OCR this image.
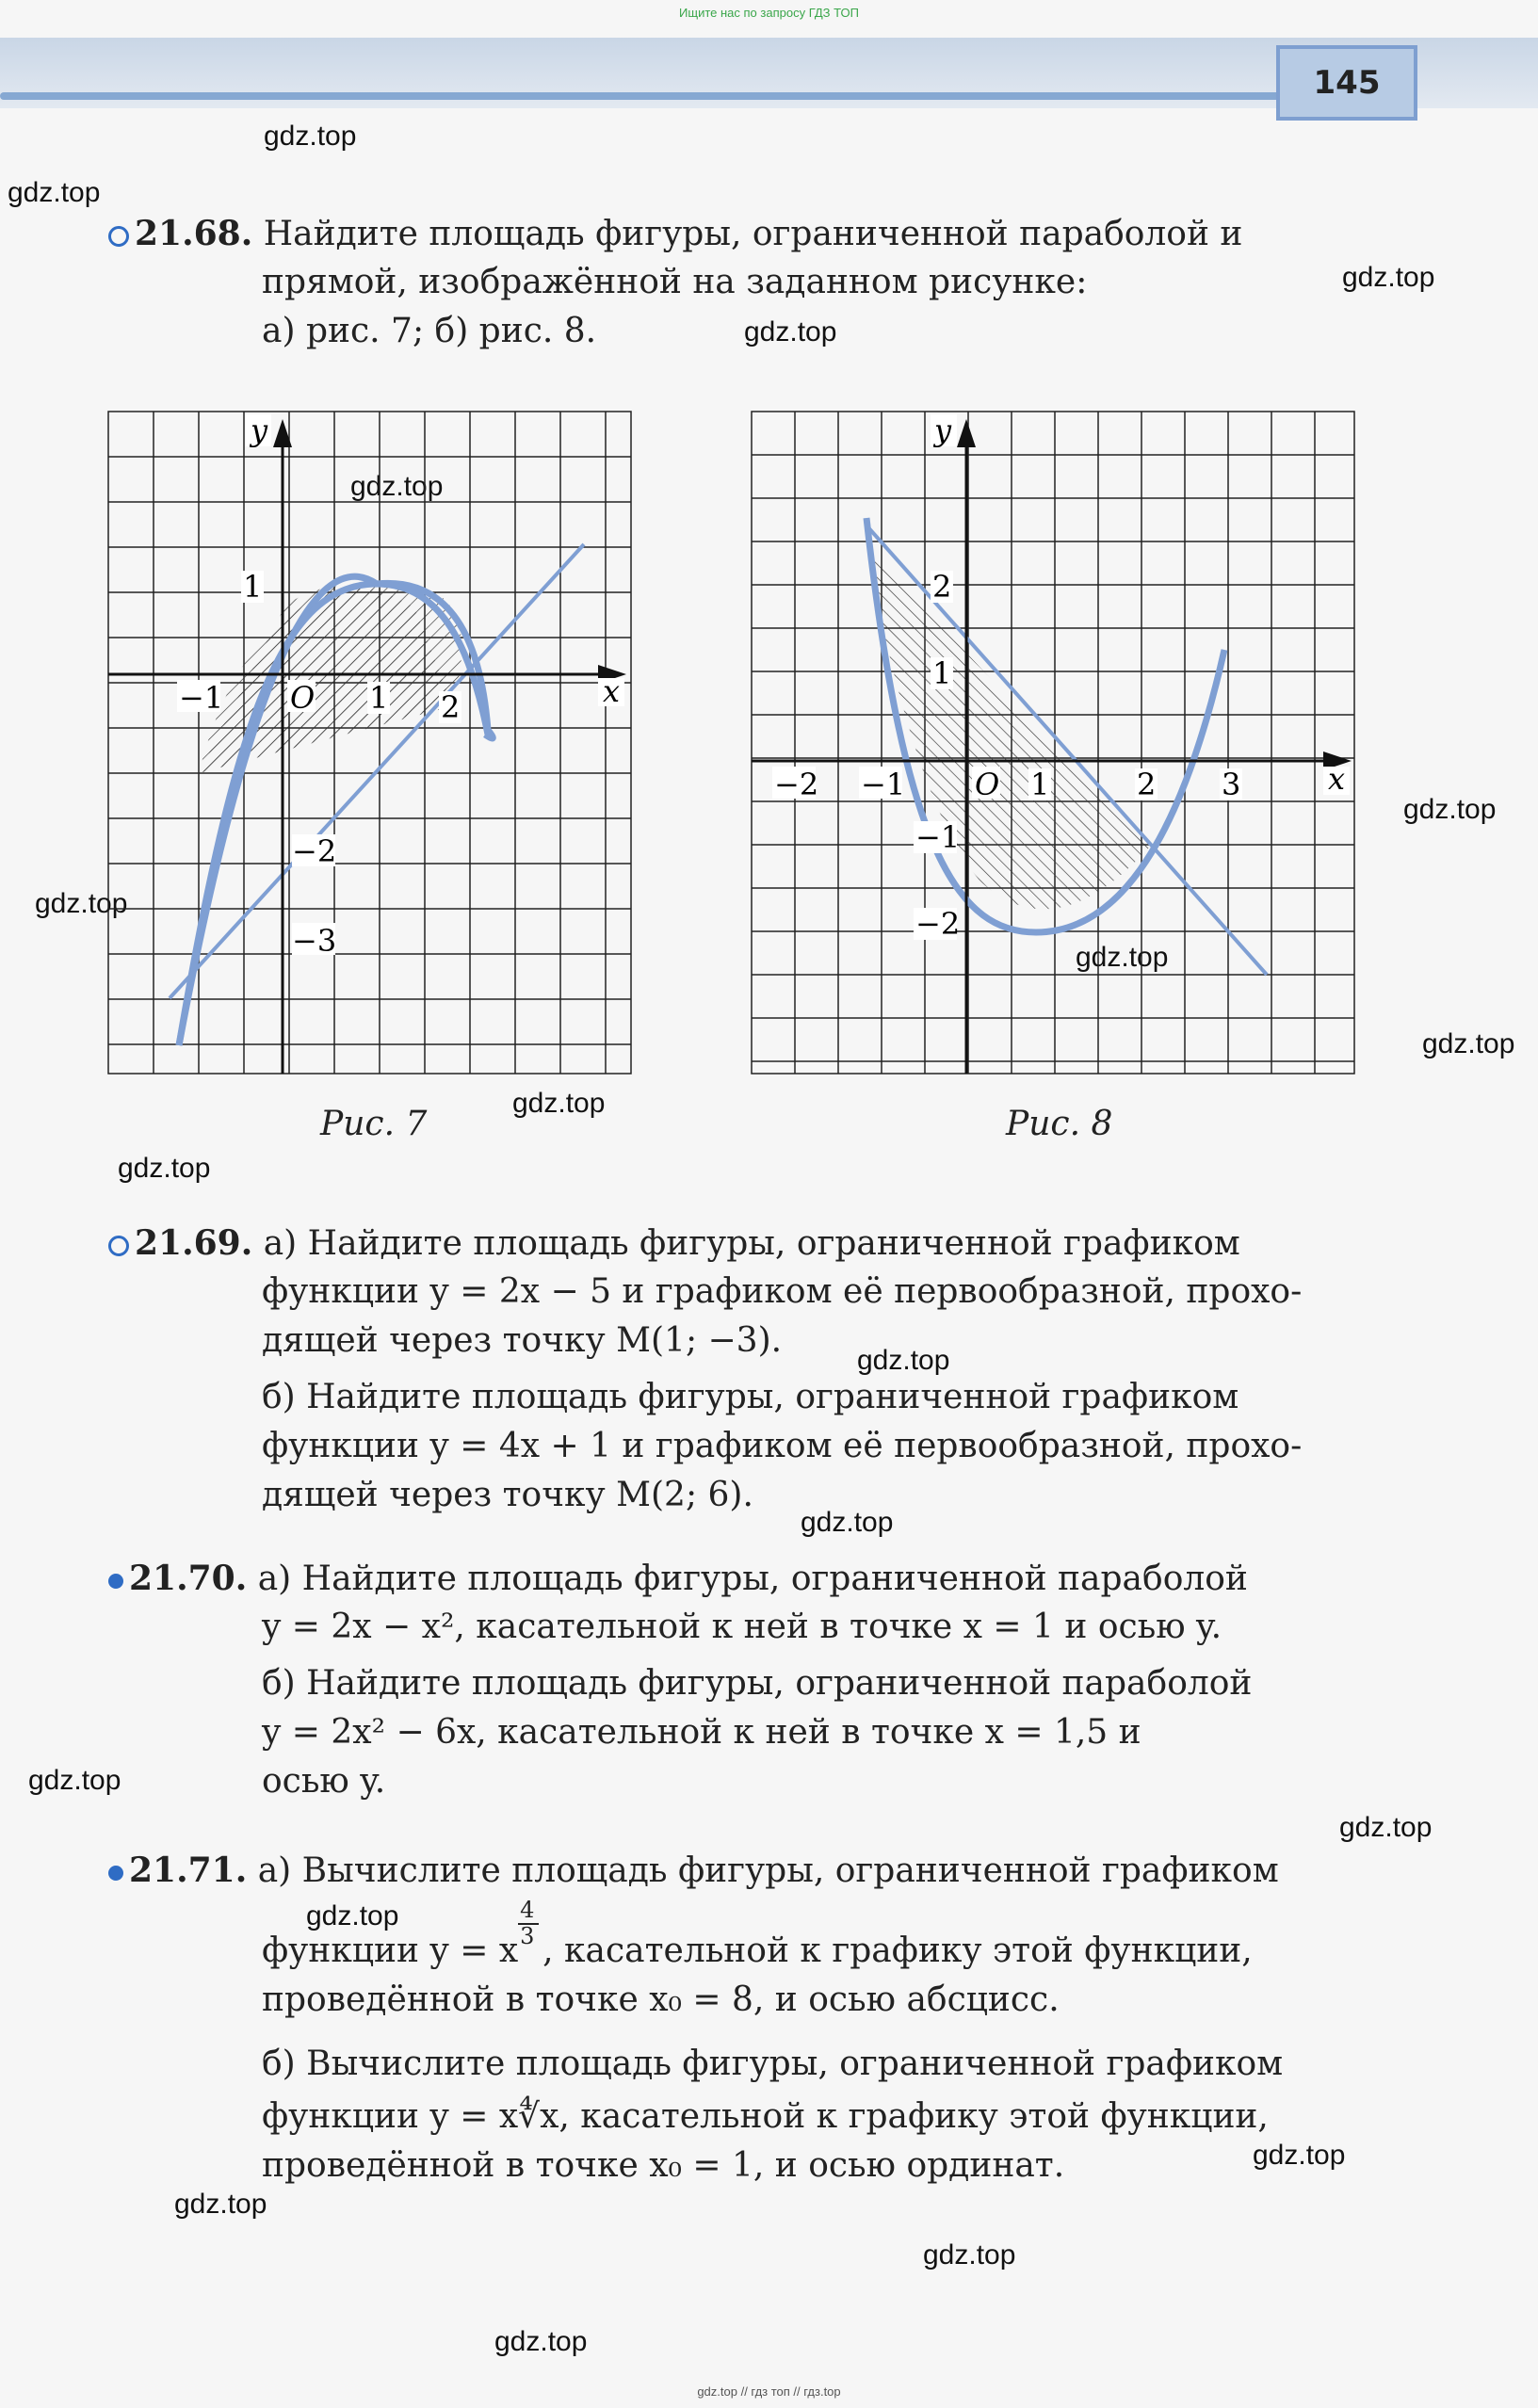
Ищите нас по запросу ГДЗ ТОП
145
gdz.top
gdz.top
gdz.top
gdz.top
gdz.top
gdz.top
gdz.top
gdz.top
gdz.top
gdz.top
gdz.top
gdz.top
gdz.top
gdz.top
gdz.top
gdz.top
gdz.top
gdz.top
gdz.top
gdz.top
21.68. Найдите площадь фигуры, ограниченной параболой и
прямой, изображённой на заданном рисунке:
а) рис. 7; б) рис. 8.
y
x
O
−1	1 2
1
−2
−3
Рис. 7
y
x
O
−2 −1	1	2 3
2
1
−1
−2
Рис. 8
21.69. а) Найдите площадь фигуры, ограниченной графиком
функции y = 2x − 5 и графиком её первообразной, прохо-
дящей через точку M(1; −3).
б) Найдите площадь фигуры, ограниченной графиком
функции y = 4x + 1 и графиком её первообразной, прохо-
дящей через точку M(2; 6).
21.70. а) Найдите площадь фигуры, ограниченной параболой
y = 2x − x², касательной к ней в точке x = 1 и осью y.
б) Найдите площадь фигуры, ограниченной параболой
y = 2x² − 6x, касательной к ней в точке x = 1,5 и
осью y.
21.71. а) Вычислите площадь фигуры, ограниченной графиком
функции y = x $\frac{4}{3}$ , касательной к графику этой функции,
проведённой в точке x₀ = 8, и осью абсцисс.
б) Вычислите площадь фигуры, ограниченной графиком
функции y = x∜x, касательной к графику этой функции,
проведённой в точке x₀ = 1, и осью ординат.
gdz.top // гдз топ // гдз.top
